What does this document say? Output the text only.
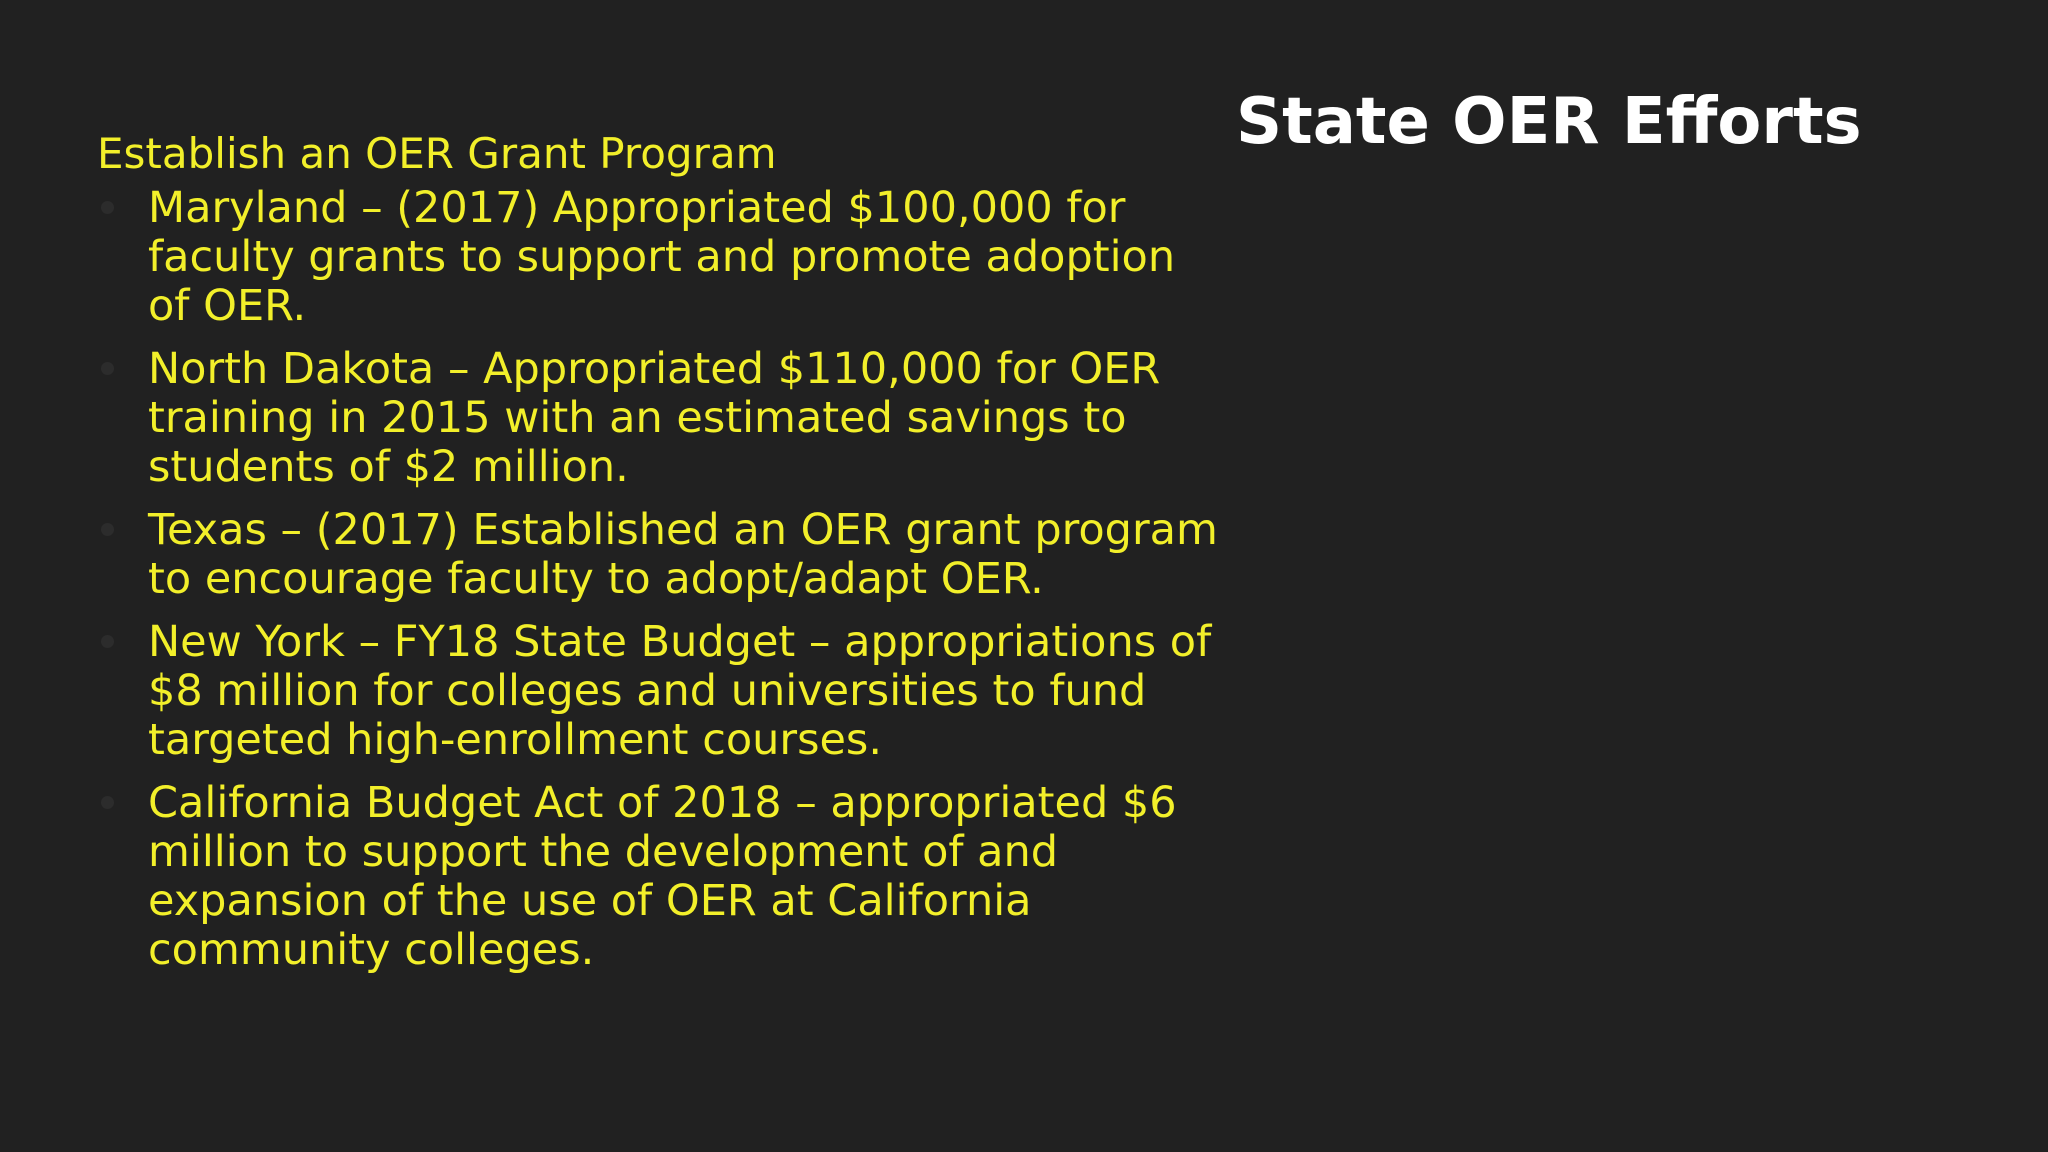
State OER Efforts
Establish an OER Grant Program
Maryland – (2017) Appropriated $100,000 for faculty grants to support and promote adoption of OER.
North Dakota – Appropriated $110,000 for OER training in 2015 with an estimated savings to students of $2 million.
Texas – (2017) Established an OER grant program to encourage faculty to adopt/adapt OER.
New York – FY18 State Budget – appropriations of $8 million for colleges and universities to fund targeted high-enrollment courses.
California Budget Act of 2018 – appropriated $6 million to support the development of and expansion of the use of OER at California community colleges.
